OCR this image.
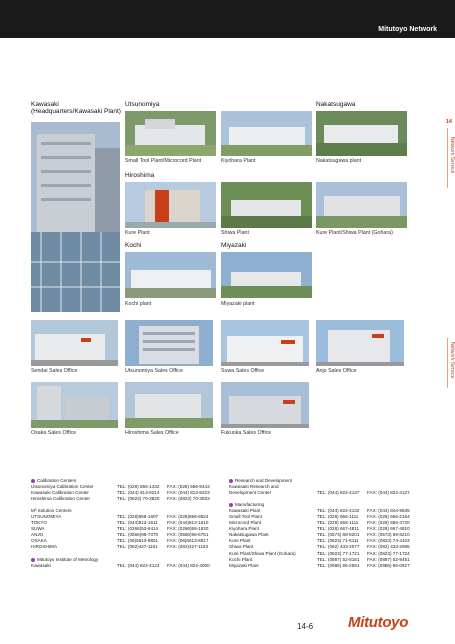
Mitutoyo Network
14
Network Service
Network Service
Kawasaki
(Headquarters/Kawasaki Plant)
Utsunomiya	Nakatsugawa
Hiroshima
Kochi	Miyazaki
Small Tool Plant/Microcord Plant	Kiyohara Plant	Nakatsugawa plant
Kure Plant	Shiwa Plant	Kure Plant/Shiwa Plant (Gohara)
Kochi plant	Miyazaki plant
Sendai Sales Office	Utsunomiya Sales Office	Suwa Sales Office	Anjo Sales Office
Osaka Sales Office	Hiroshima Sales Office	Fukuoka Sales Office
Calibration Centers
Utsunomiya Calibration Center	TEL: (028) 656-1432	FAX: (028) 656-8443
Kawasaki Calibration Center	TEL: (044) 813-8214	FAX: (044) 813-8223
Hiroshima Calibration Center	TEL: (0823) 70-3820	FAX: (0823) 70-3833
M³ Solution Centers
UTSUNOMIYA	TEL: (028)656-1607	FAX: (028)656-9624
TOKYO	TEL: (044)813-1611	FAX: (044)813-1610
SUWA	TEL: (0266)53-6414	FAX: (0266)58-1830
ANJO	TEL: (0566)98-7070	FAX: (0566)98-6761
OSAKA	TEL: (06)6613-8801	FAX: (06)6613-8817
HIROSHIMA	TEL: (082)427-1161	FAX: (082)427-1163
Mitutoyo Institute of Metrology
Kawasaki	TEL: (044) 822-4124	FAX: (044) 822-4000
Research and Development
Kawasaki Research and
Development Center	TEL: (044) 822-4137	FAX: (044) 822-4127
Manufacturing
Kawasaki Plant	TEL: (044) 822-4132	FAX: (044) 844-9835
Small Tool Plant	TEL: (028) 656-1111	FAX: (028) 656-2164
Microcord Plant	TEL: (028) 656-1111	FAX: (028) 656-4720
Kiyohara Plant	TEL: (028) 667-4811	FAX: (028) 667-4810
Nakatsugawa Plant	TEL: (0573) 68-8201	FAX: (0573) 68-8210
Kure Plant	TEL: (0823) 71-6111	FAX: (0823) 74-4104
Shiwa Plant	TEL: (082) 433-2077	FAX: (082) 433-2695
Kure Plant/Shiwa Plant (Gohara)	TEL: (0823) 77-1721	FAX: (0823) 77-1724
Kochi Plant	TEL: (0887) 52-8181	FAX: (0887) 52-9451
Miyazaki Plant	TEL: (0985) 86-2591	FAX: (0985) 86-0827
14-6 Mitutoyo
